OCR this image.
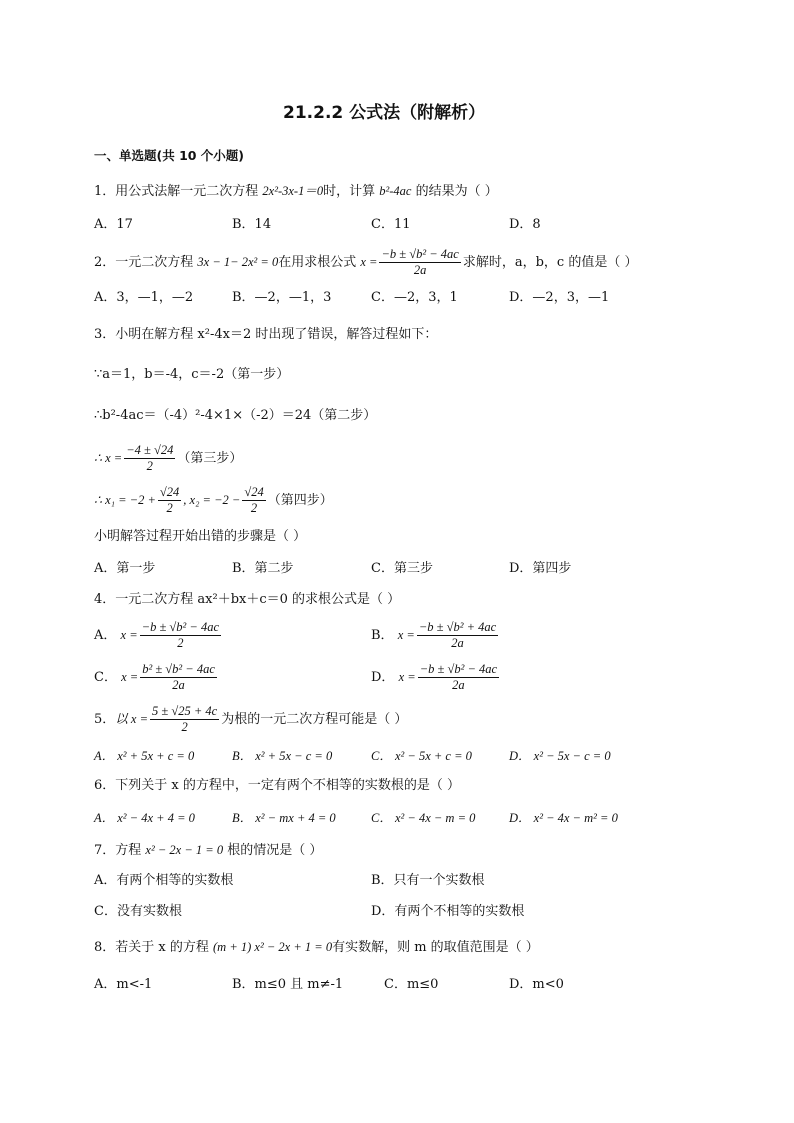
21.2.2 公式法（附解析）
一、单选题(共 10 个小题)
1．用公式法解一元二次方程 2x²-3x-1＝0时，计算 b²-4ac 的结果为（ ）
A．17	B．14	C．11	D．8
2．一元二次方程 3x − 1− 2x² = 0在用求根公式 $x = \frac{\text{−b ± √b² − 4ac}}{2a}$ 求解时，a，b，c 的值是（ ）
A．3，—1，—2	B．—2，—1，3	C．—2，3，1	D．—2，3，—1
3．小明在解方程 x²-4x＝2 时出现了错误，解答过程如下：
∵a＝1，b＝-4，c＝-2（第一步）
∴b²-4ac＝（-4）²-4×1×（-2）＝24（第二步）
∴ $x = \frac{-4 \pm √24}{2}$ （第三步）
∴ $x_1 = -2 + \frac{√24}{2}$ , $x_2 = -2 - \frac{√24}{2}$ （第四步）
小明解答过程开始出错的步骤是（ ）
A．第一步	B．第二步	C．第三步	D．第四步
4．一元二次方程 ax²＋bx＋c＝0 的求根公式是（ ）
A． $x = \frac{\text{−b ± √b² − 4ac}}{2}$	B． $x = \frac{\text{−b ± √b² + 4ac}}{2a}$
C． $x = \frac{\text{b² ± √b² − 4ac}}{2a}$	D． $x = \frac{\text{−b ± √b² − 4ac}}{2a}$
5．以 $x = \frac{5 \pm √25 + 4c}{2}$ 为根的一元二次方程可能是（ ）
A． x² + 5x + c = 0	B． x² + 5x − c = 0	C． x² − 5x + c = 0	D． x² − 5x − c = 0
6．下列关于 x 的方程中，一定有两个不相等的实数根的是（ ）
A． x² − 4x + 4 = 0	B． x² − mx + 4 = 0	C． x² − 4x − m = 0	D． x² − 4x − m² = 0
7．方程 x² − 2x − 1 = 0 根的情况是（ ）
A．有两个相等的实数根	B．只有一个实数根
C．没有实数根	D．有两个不相等的实数根
8．若关于 x 的方程 (m + 1) x² − 2x + 1 = 0有实数解，则 m 的取值范围是（ ）
A．m<-1	B．m≤0 且 m≠-1	C．m≤0	D．m<0
